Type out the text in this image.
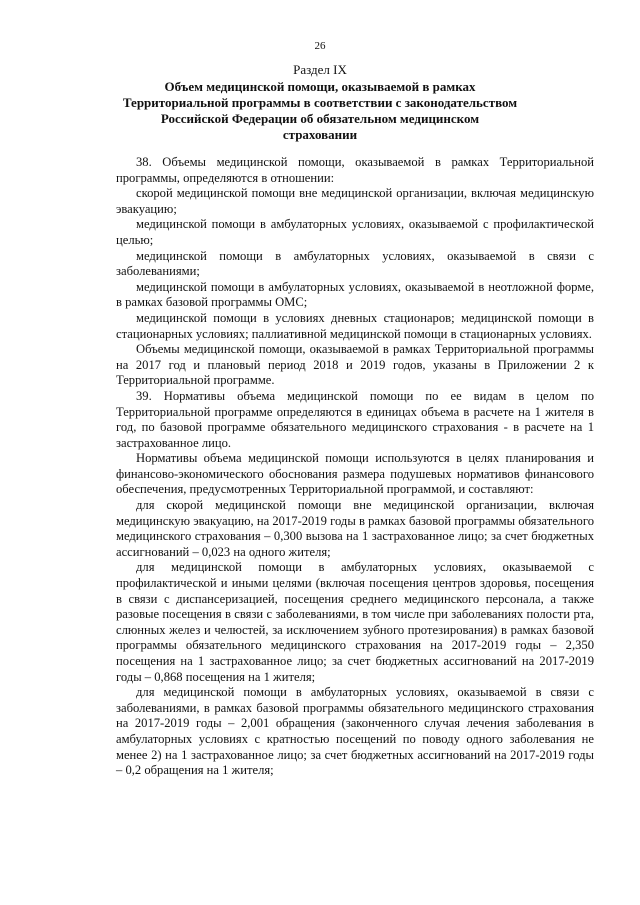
26
Раздел IX
Объем медицинской помощи, оказываемой в рамках
Территориальной программы в соответствии с законодательством
Российской Федерации об обязательном медицинском
страховании

38. Объемы медицинской помощи, оказываемой в рамках Территориальной программы, определяются в отношении:

скорой медицинской помощи вне медицинской организации, включая медицинскую эвакуацию;

медицинской помощи в амбулаторных условиях, оказываемой с профилактической целью;

медицинской помощи в амбулаторных условиях, оказываемой в связи с заболеваниями;

медицинской помощи в амбулаторных условиях, оказываемой в неотложной форме, в рамках базовой программы ОМС;

медицинской помощи в условиях дневных стационаров; медицинской помощи в стационарных условиях; паллиативной медицинской помощи в стационарных условиях.

Объемы медицинской помощи, оказываемой в рамках Территориальной программы на 2017 год и плановый период 2018 и 2019 годов, указаны в Приложении 2 к Территориальной программе.

39. Нормативы объема медицинской помощи по ее видам в целом по Территориальной программе определяются в единицах объема в расчете на 1 жителя в год, по базовой программе обязательного медицинского страхования - в расчете на 1 застрахованное лицо.

Нормативы объема медицинской помощи используются в целях планирования и финансово-экономического обоснования размера подушевых нормативов финансового обеспечения, предусмотренных Территориальной программой, и составляют:

для скорой медицинской помощи вне медицинской организации, включая медицинскую эвакуацию, на 2017-2019 годы в рамках базовой программы обязательного медицинского страхования – 0,300 вызова на 1 застрахованное лицо; за счет бюджетных ассигнований – 0,023 на одного жителя;

для медицинской помощи в амбулаторных условиях, оказываемой с профилактической и иными целями (включая посещения центров здоровья, посещения в связи с диспансеризацией, посещения среднего медицинского персонала, а также разовые посещения в связи с заболеваниями, в том числе при заболеваниях полости рта, слюнных желез и челюстей, за исключением зубного протезирования) в рамках базовой программы обязательного медицинского страхования на 2017-2019 годы – 2,350 посещения на 1 застрахованное лицо; за счет бюджетных ассигнований на 2017-2019 годы – 0,868 посещения на 1 жителя;

для медицинской помощи в амбулаторных условиях, оказываемой в связи с заболеваниями, в рамках базовой программы обязательного медицинского страхования на 2017-2019 годы – 2,001 обращения (законченного случая лечения заболевания в амбулаторных условиях с кратностью посещений по поводу одного заболевания не менее 2) на 1 застрахованное лицо; за счет бюджетных ассигнований на 2017-2019 годы – 0,2 обращения на 1 жителя;
